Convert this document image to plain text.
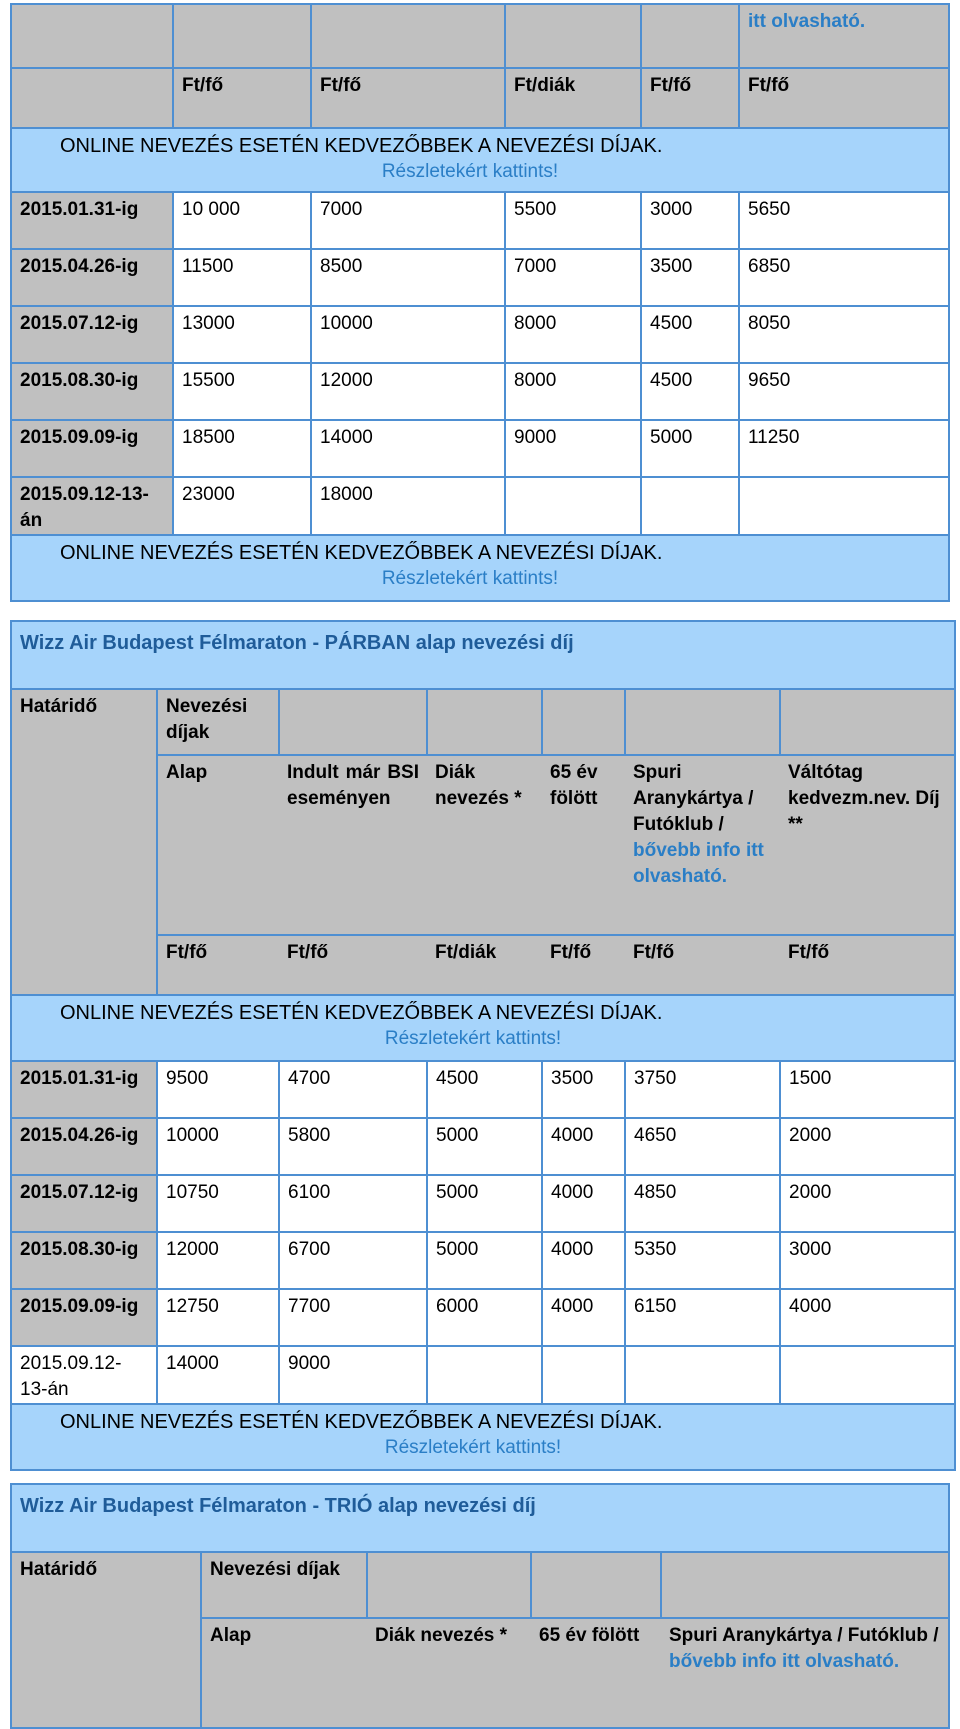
					itt olvasható.
	Ft/fő	Ft/fő	Ft/diák	Ft/fő	Ft/fő

ONLINE NEVEZÉS ESETÉN KEDVEZŐBBEK A NEVEZÉSI DÍJAK.
Részletekért kattints!					

2015.01.31-ig	10 000	7000	5500	3000	5650
2015.04.26-ig	11500	8500	7000	3500	6850
2015.07.12-ig	13000	10000	8000	4500	8050
2015.08.30-ig	15500	12000	8000	4500	9650
2015.09.09-ig	18500	14000	9000	5000	11250
2015.09.12-13-án	23000	18000			

ONLINE NEVEZÉS ESETÉN KEDVEZŐBBEK A NEVEZÉSI DÍJAK.
Részletekért kattints!					
Wizz Air Budapest Félmaraton - PÁRBAN alap nevezési díj						
Határidő	Nevezési díjak					
	Alap	Indult már BSI eseményen	Diák nevezés *	65 év fölött	Spuri Aranykártya / Futóklub / bővebb info itt olvasható.	Váltótag kedvezm.nev. Díj **
	Ft/fő	Ft/fő	Ft/diák	Ft/fő	Ft/fő	Ft/fő

ONLINE NEVEZÉS ESETÉN KEDVEZŐBBEK A NEVEZÉSI DÍJAK.
Részletekért kattints!						

2015.01.31-ig	9500	4700	4500	3500	3750	1500
2015.04.26-ig	10000	5800	5000	4000	4650	2000
2015.07.12-ig	10750	6100	5000	4000	4850	2000
2015.08.30-ig	12000	6700	5000	4000	5350	3000
2015.09.09-ig	12750	7700	6000	4000	6150	4000
2015.09.12-13-án	14000	9000				

ONLINE NEVEZÉS ESETÉN KEDVEZŐBBEK A NEVEZÉSI DÍJAK.
Részletekért kattints!						
Wizz Air Budapest Félmaraton - TRIÓ alap nevezési díj				
Határidő	Nevezési díjak			
	Alap	Diák nevezés *	65 év fölött	Spuri Aranykártya / Futóklub / bővebb info itt olvasható.
